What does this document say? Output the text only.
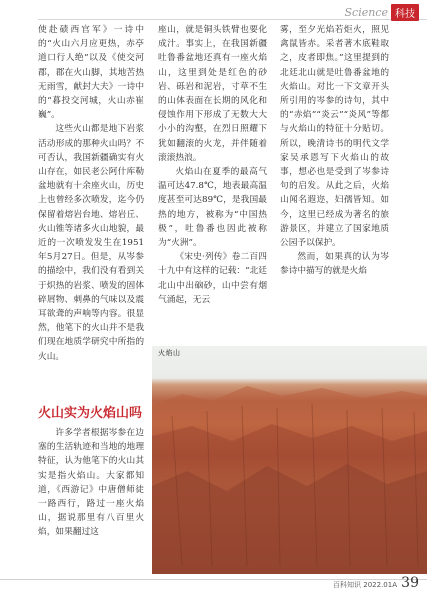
Science 科技

使赴碛西官军》一诗中的“火山六月应更热，赤亭道口行人绝”以及《使交河郡，郡在火山脚，其地苦热无雨雪，献封大夫》一诗中的“暮投交河城，火山赤崔巍”。

这些火山都是地下岩浆活动形成的那种火山吗？不可否认，我国新疆确实有火山存在，如民老公阿什库勒盆地就有十余座火山，历史上也曾经多次喷发，迄今仍保留着熔岩台地、熔岩丘、火山锥等诸多火山地貌，最近的一次喷发发生在1951年5月27日。但是，从岑参的描绘中，我们没有看到关于炽热的岩浆、喷发的固体碎屑物、刺鼻的气味以及震耳欲聋的声响等内容。很显然，他笔下的火山并不是我们现在地质学研究中所指的火山。

火山实为火焰山吗

许多学者根据岑参在边塞的生活轨迹和当地的地理特征，认为他笔下的火山其实是指火焰山。大家都知道，《西游记》中唐僧师徒一路西行，路过一座火焰山，据说那里有八百里火焰，如果翻过这

座山，就是铜头铁臂也要化成汁。事实上，在我国新疆吐鲁番盆地还真有一座火焰山，这里到处是红色的砂岩、砾岩和泥岩，寸草不生的山体表面在长期的风化和侵蚀作用下形成了无数大大小小的沟壑，在烈日照耀下犹如翻滚的火龙，并伴随着滚滚热浪。

火焰山在夏季的最高气温可达47.8℃，地表最高温度甚至可达89℃，是我国最热的地方，被称为“中国热极”，吐鲁番也因此被称为“火洲”。

《宋史·列传》卷二百四十九中有这样的记载：“北廷北山中出硇砂，山中尝有烟气涌起，无云

雾，至夕光焰若炬火，照见禽鼠皆赤。采者著木底鞋取之，皮者即焦。”这里提到的北廷北山就是吐鲁番盆地的火焰山。对比一下文章开头所引用的岑参的诗句，其中的“赤焰”“炎云”“炎风”等都与火焰山的特征十分贴切。所以，晚清诗书的明代文学家吴承恩写下火焰山的故事，想必也是受到了岑参诗句的启发。从此之后，火焰山闻名遐迩，妇孺皆知。如今，这里已经成为著名的旅游景区，并建立了国家地质公园予以保护。

然而，如果真的认为岑参诗中描写的就是火焰

火焰山
百科知识 2022.01A 39
